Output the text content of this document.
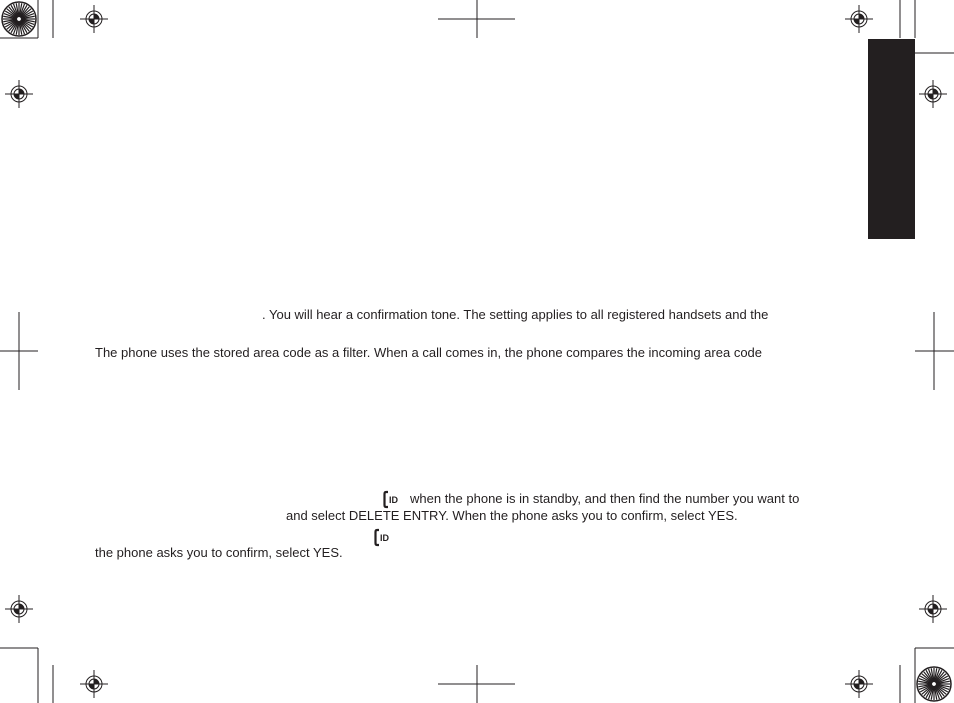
. You will hear a confirmation tone. The setting applies to all registered handsets and the
The phone uses the stored area code as a filter. When a call comes in, the phone compares the incoming area code
ID when the phone is in standby, and then find the number you want to
and select DELETE ENTRY. When the phone asks you to confirm, select YES.
ID
the phone asks you to confirm, select YES.
